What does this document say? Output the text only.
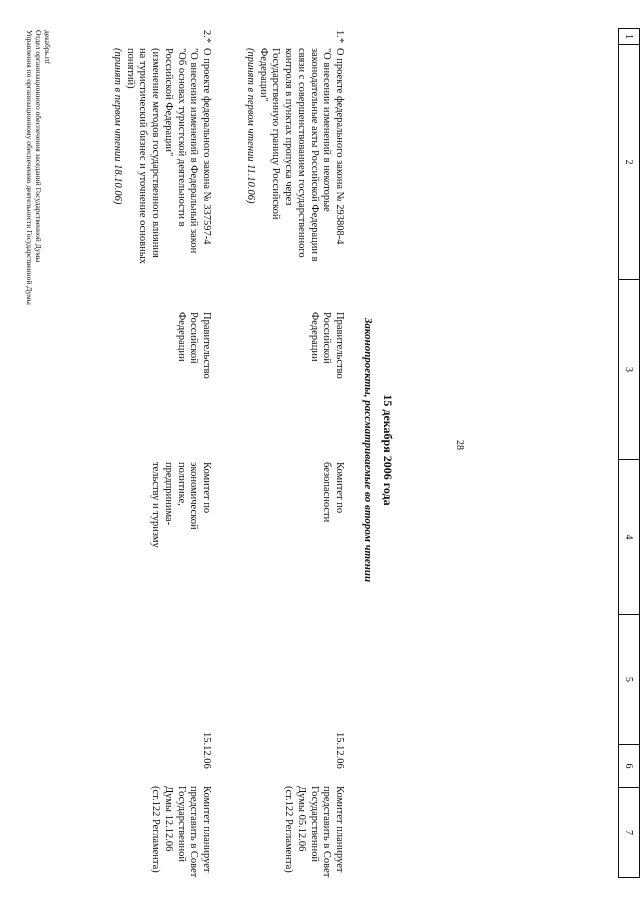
1
2
3
4
5
6
7
28
15 декабря 2006 года
Законопроекты, рассматриваемые во втором чтении
1.*
О проекте федерального закона № 293808-4
"О внесении изменений в некоторые
законодательные акты Российской Федерации в
связи с совершенствованием государственного
контроля в пунктах пропуска через
Государственную границу Российской
Федерации"
(принят в первом чтении 11.10.06)
Правительство
Российской
Федерации
Комитет по
безопасности
15.12.06
Комитет планирует
представить в Совет
Государственной
Думы 05.12.06
(ст.122 Регламента)
2.*
О проекте федерального закона № 337597-4
"О внесении изменений в Федеральный закон
"Об основах туристской деятельности в
Российской Федерации"
(изменение методов государственного влияния
на туристический бизнес и уточнение основных
понятий)
(принят в первом чтении 18.10.06)
Правительство
Российской
Федерации
Комитет по
экономической
политике,
предпринима-
тельству и туризму
15.12.06
Комитет планирует
представить в Совет
Государственной
Думы 12.12.06
(ст.122 Регламента)
декабрь.rtf
Отдел организационного обеспечения заседаний Государственной Думы
Управления по организационному обеспечению деятельности Государственной Думы
